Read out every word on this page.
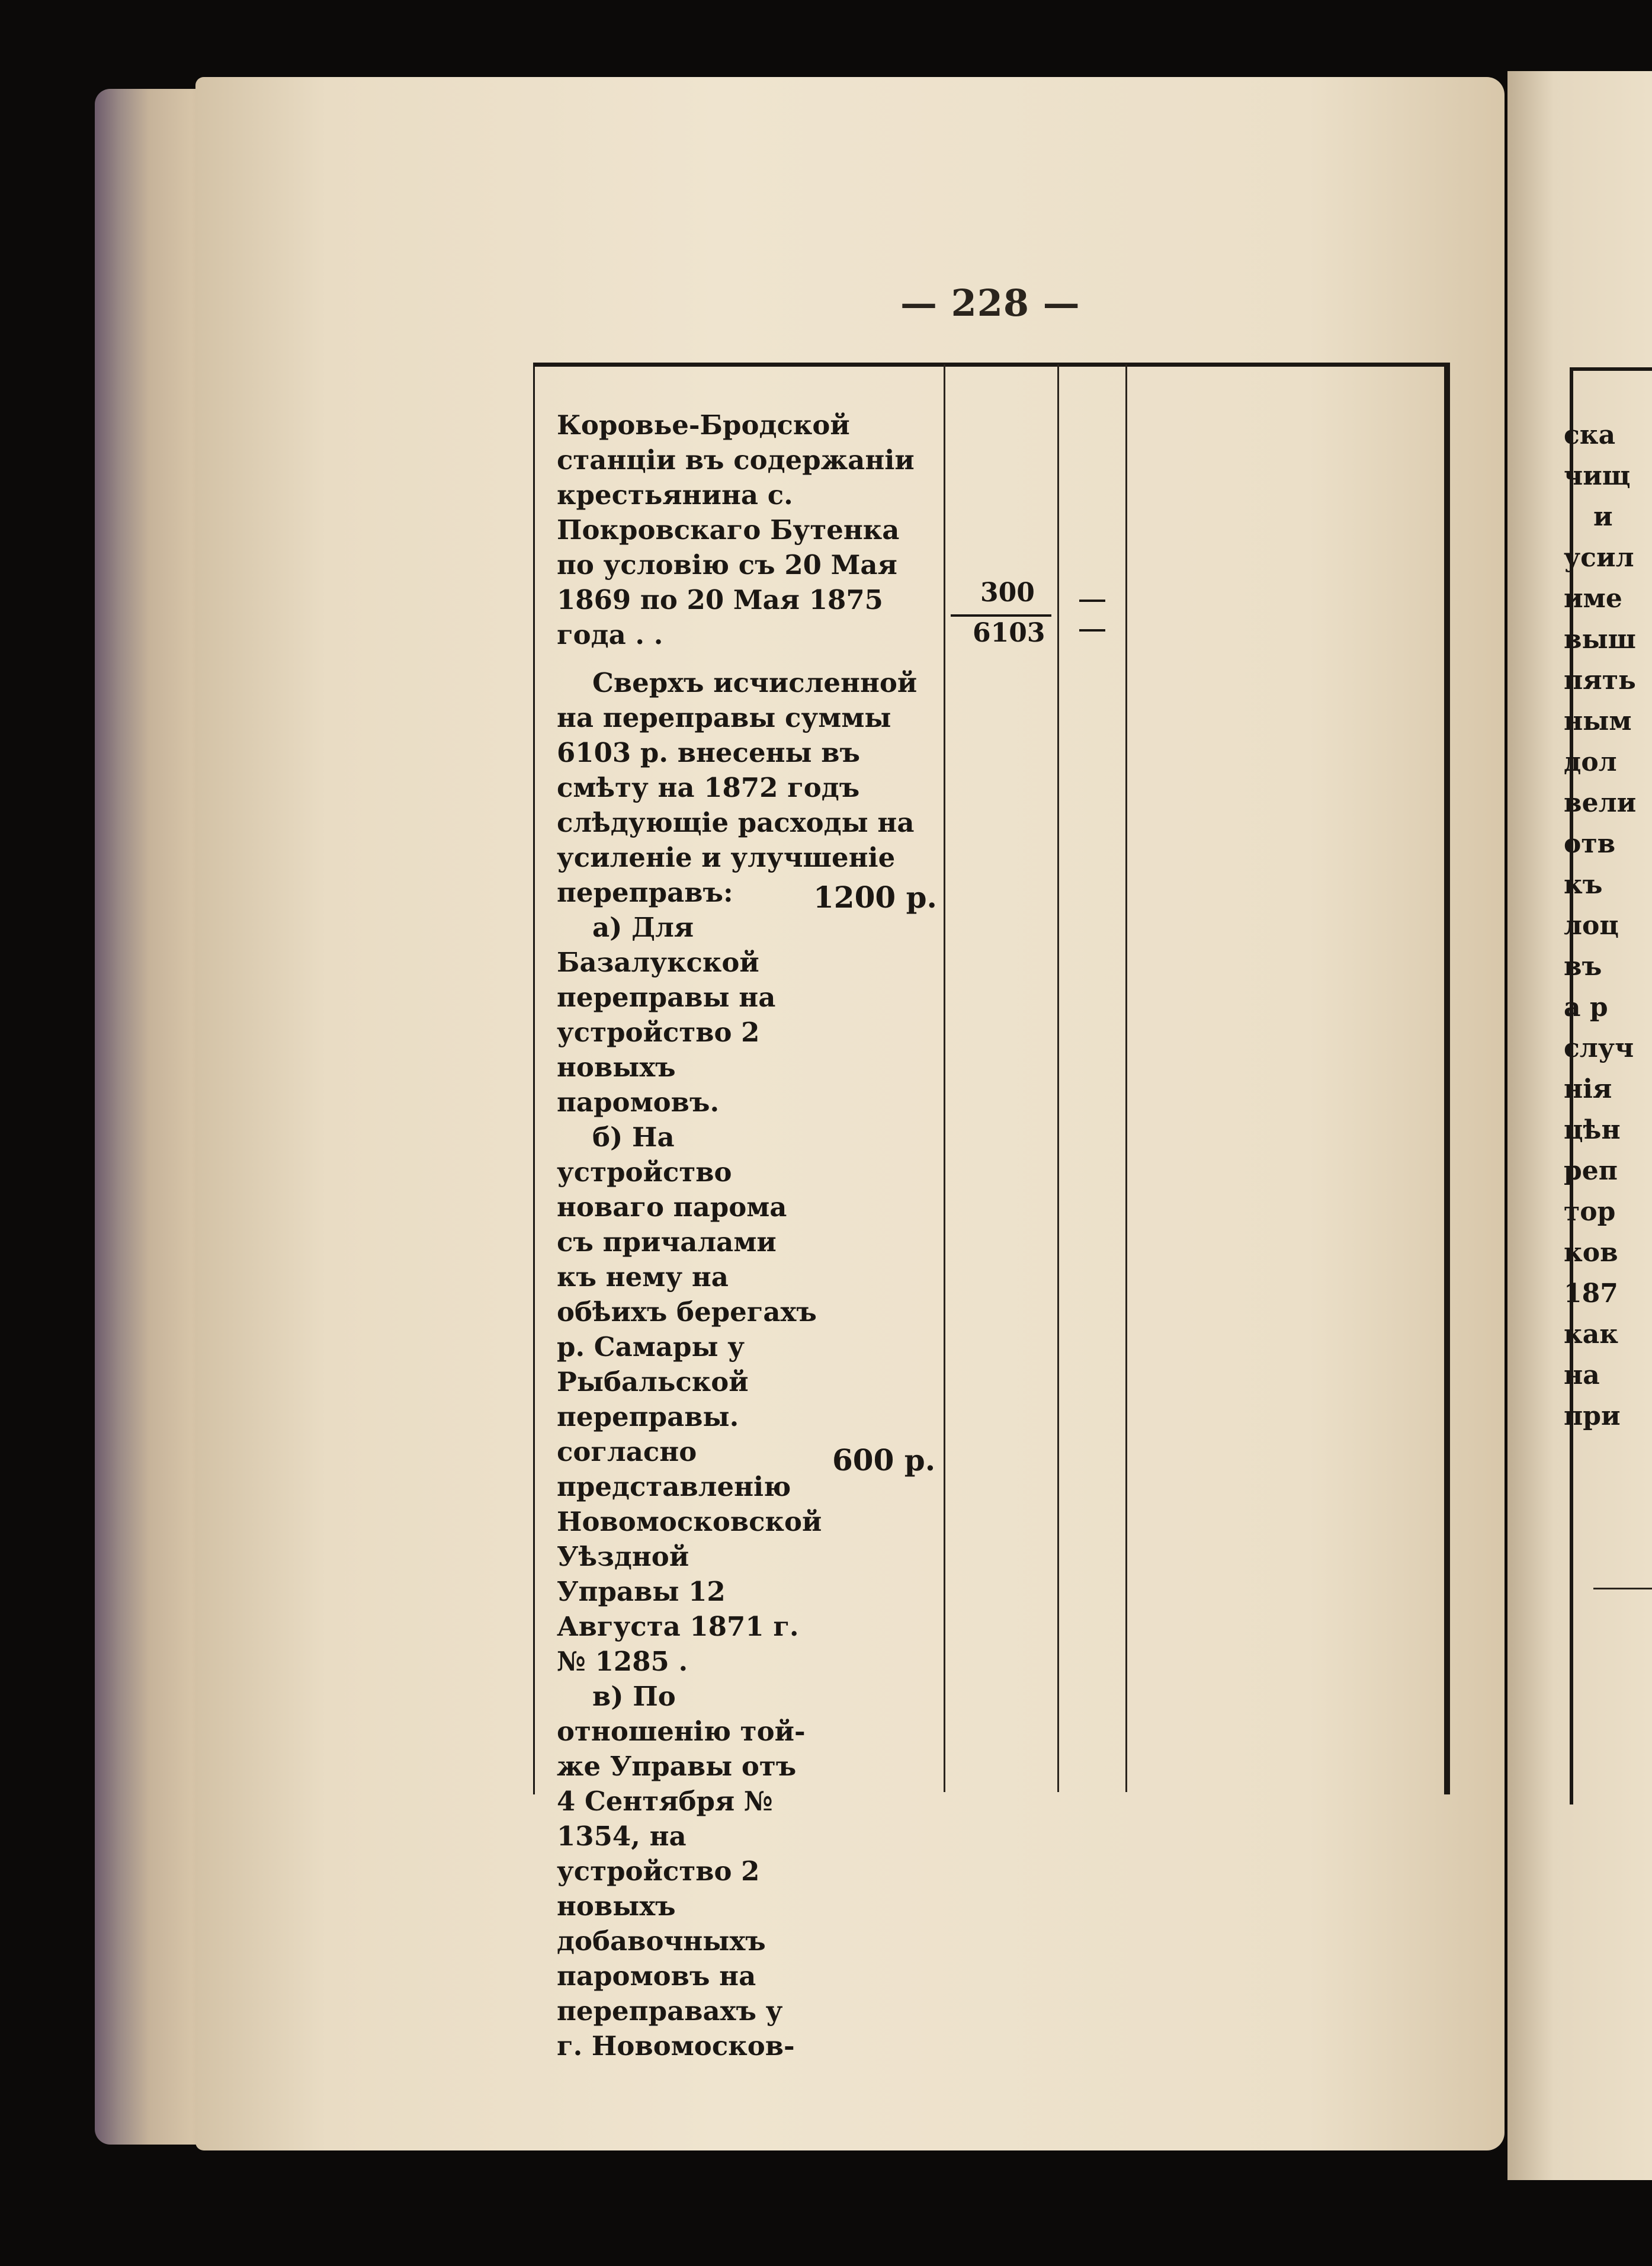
— 228 —

Коровье-Бродской станціи въ содержаніи крестьянина с. Покровскаго Бутенка по условію съ 20 Мая 1869 по 20 Мая 1875 года . .

Сверхъ исчисленной на переправы суммы 6103 р. внесены въ смѣту на 1872 годъ слѣдующіе расходы на усиленіе и улучшеніе переправъ:

а) Для Базалукской переправы на устройство 2 новыхъ паромовъ.

б) На устройство новаго парома съ причалами къ нему на обѣихъ берегахъ р. Самары у Рыбальской переправы. согласно представленію Новомосковской Уѣздной Управы 12 Августа 1871 г. № 1285 .

в) По отношенію той-же Управы отъ 4 Сентября № 1354, на устройство 2 новыхъ добавочныхъ паромовъ на переправахъ у г. Новомосков-

1200 р.
600 р.
300
6103
ска
чищ
и
усил
име
выш
пять
ным
дол
вели
отв
къ
лоц
въ
а р
случ
нія
цѣн
реп
тор
ков
187
как
на
при
